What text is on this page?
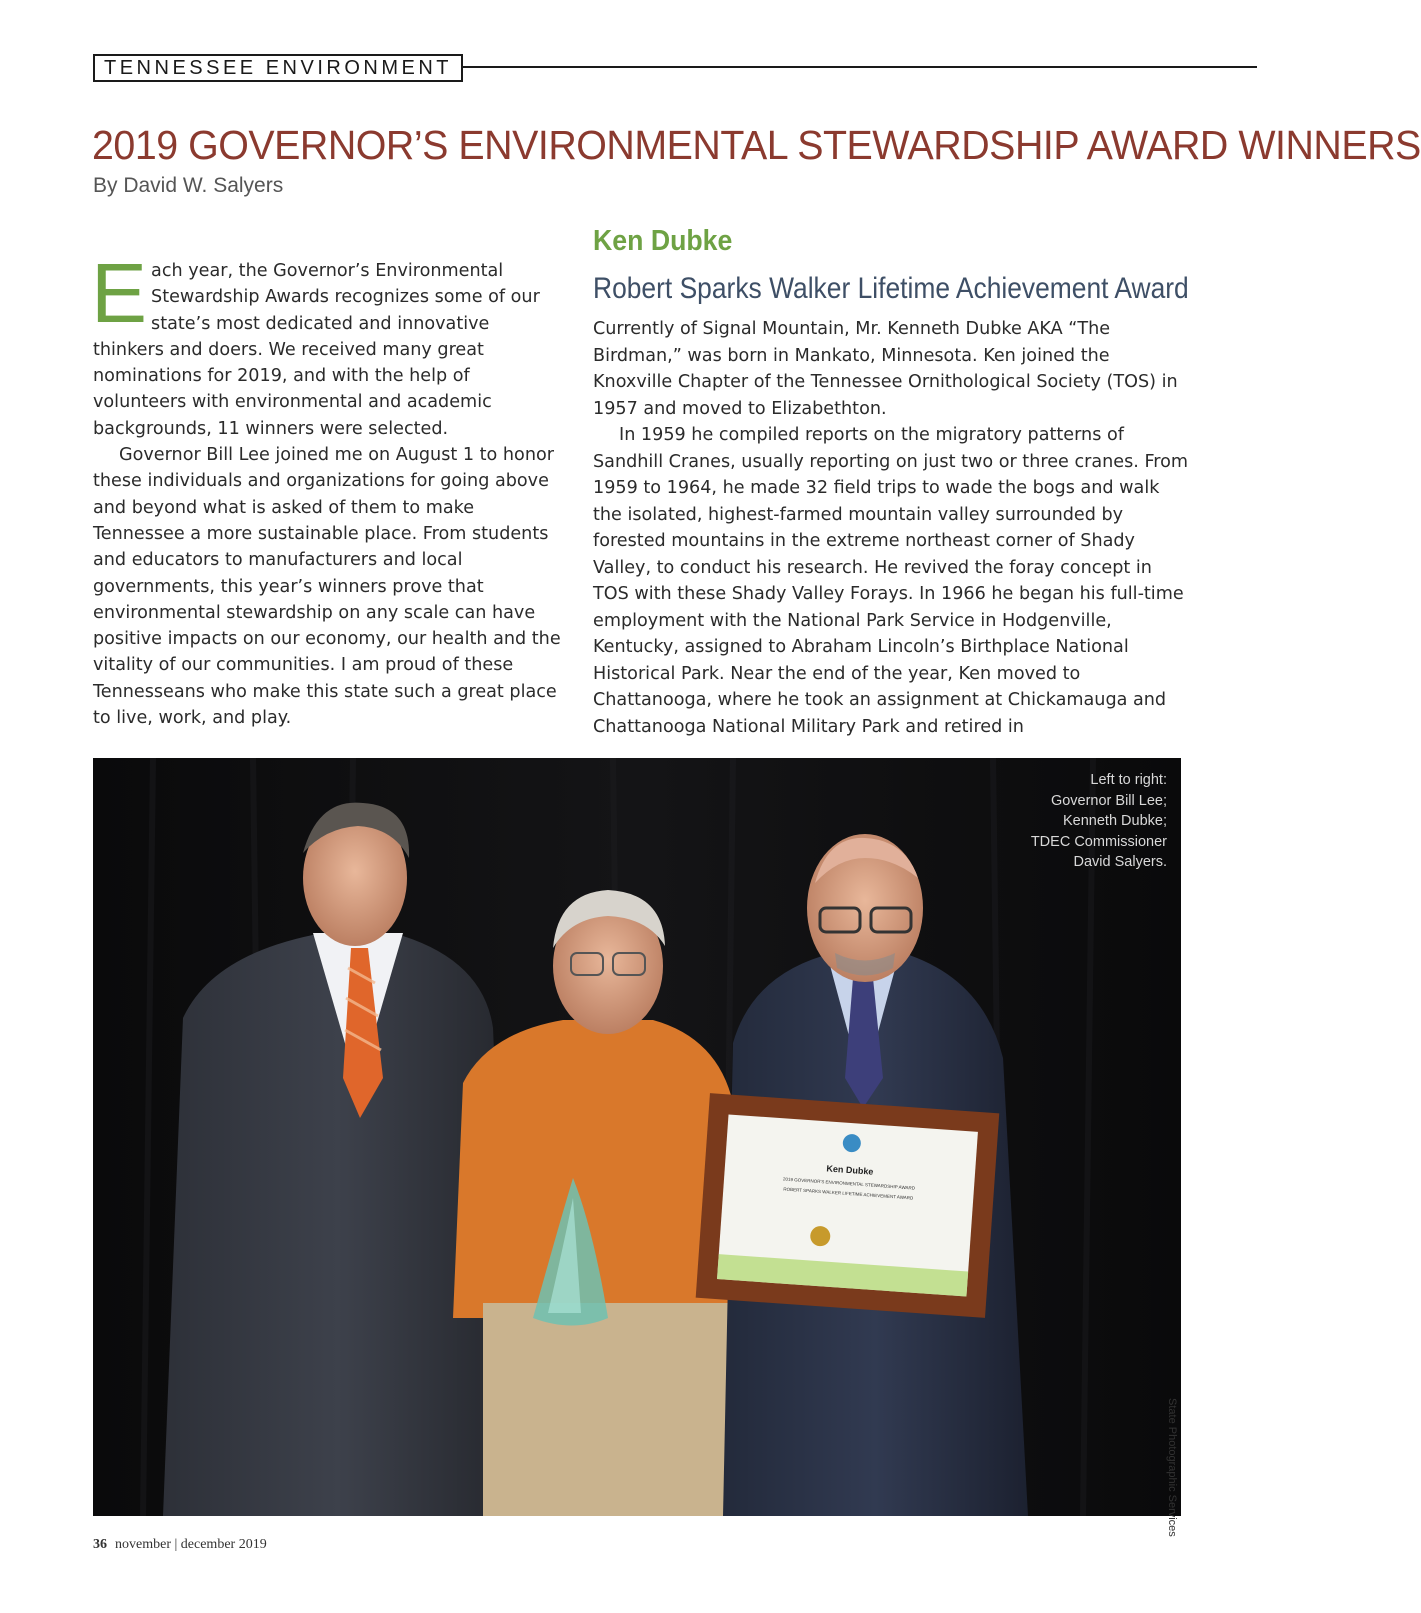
TENNESSEE ENVIRONMENT
2019 GOVERNOR’S ENVIRONMENTAL STEWARDSHIP AWARD WINNERS
By David W. Salyers

Each year, the Governor’s Environmental Stewardship Awards recognizes some of our state’s most dedicated and innovative thinkers and doers. We received many great nominations for 2019, and with the help of volunteers with environmental and academic backgrounds, 11 winners were selected.

Governor Bill Lee joined me on August 1 to honor these individuals and organizations for going above and beyond what is asked of them to make Tennessee a more sustainable place. From students and educators to manufacturers and local governments, this year’s winners prove that environmental stewardship on any scale can have positive impacts on our economy, our health and the vitality of our communities. I am proud of these Tennesseans who make this state such a great place to live, work, and play.

Ken Dubke
Robert Sparks Walker Lifetime Achievement Award

Currently of Signal Mountain, Mr. Kenneth Dubke AKA “The Birdman,” was born in Mankato, Minnesota. Ken joined the Knoxville Chapter of the Tennessee Ornithological Society (TOS) in 1957 and moved to Elizabethton.

In 1959 he compiled reports on the migratory patterns of Sandhill Cranes, usually reporting on just two or three cranes. From 1959 to 1964, he made 32 field trips to wade the bogs and walk the isolated, highest-farmed mountain valley surrounded by forested mountains in the extreme northeast corner of Shady Valley, to conduct his research. He revived the foray concept in TOS with these Shady Valley Forays. In 1966 he began his full-time employment with the National Park Service in Hodgenville, Kentucky, assigned to Abraham Lincoln’s Birthplace National Historical Park. Near the end of the year, Ken moved to Chattanooga, where he took an assignment at Chickamauga and Chattanooga National Military Park and retired in

Ken Dubke
2019 GOVERNOR'S ENVIRONMENTAL STEWARDSHIP AWARD
ROBERT SPARKS WALKER LIFETIME ACHIEVEMENT AWARD
Left to right:
Governor Bill Lee;
Kenneth Dubke;
TDEC Commissioner
David Salyers.
State Photographic Services
36 november | december 2019
